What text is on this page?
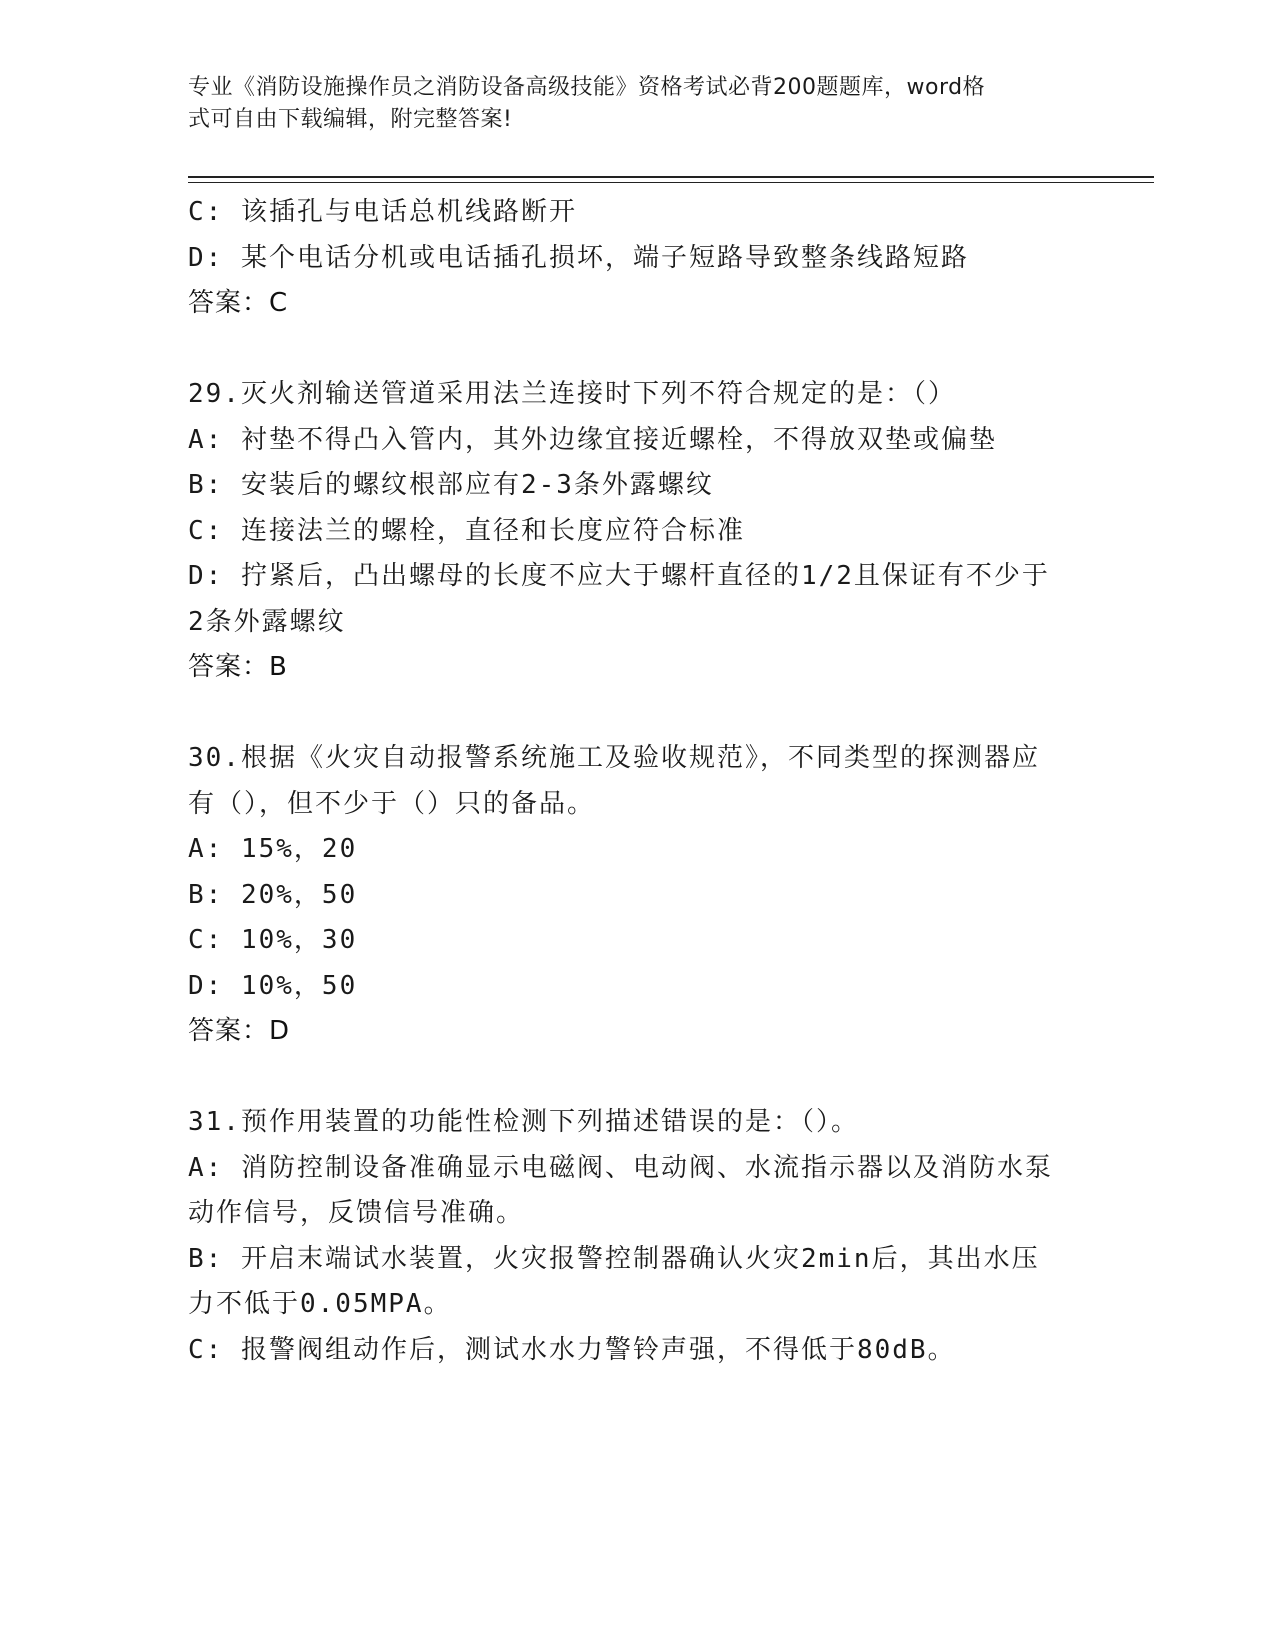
专业《消防设施操作员之消防设备高级技能》资格考试必背200题题库，word格
式可自由下载编辑，附完整答案!
C: 该插孔与电话总机线路断开
D: 某个电话分机或电话插孔损坏，端子短路导致整条线路短路
答案：C
29.灭火剂输送管道采用法兰连接时下列不符合规定的是：（）
A: 衬垫不得凸入管内，其外边缘宜接近螺栓，不得放双垫或偏垫
B: 安装后的螺纹根部应有2-3条外露螺纹
C: 连接法兰的螺栓，直径和长度应符合标准
D: 拧紧后，凸出螺母的长度不应大于螺杆直径的1/2且保证有不少于
2条外露螺纹
答案：B
30.根据《火灾自动报警系统施工及验收规范》，不同类型的探测器应
有（），但不少于（）只的备品。
A: 15%，20
B: 20%，50
C: 10%，30
D: 10%，50
答案：D
31.预作用装置的功能性检测下列描述错误的是：（）。
A: 消防控制设备准确显示电磁阀、电动阀、水流指示器以及消防水泵
动作信号，反馈信号准确。
B: 开启末端试水装置，火灾报警控制器确认火灾2min后，其出水压
力不低于0.05MPA。
C: 报警阀组动作后，测试水水力警铃声强，不得低于80dB。
